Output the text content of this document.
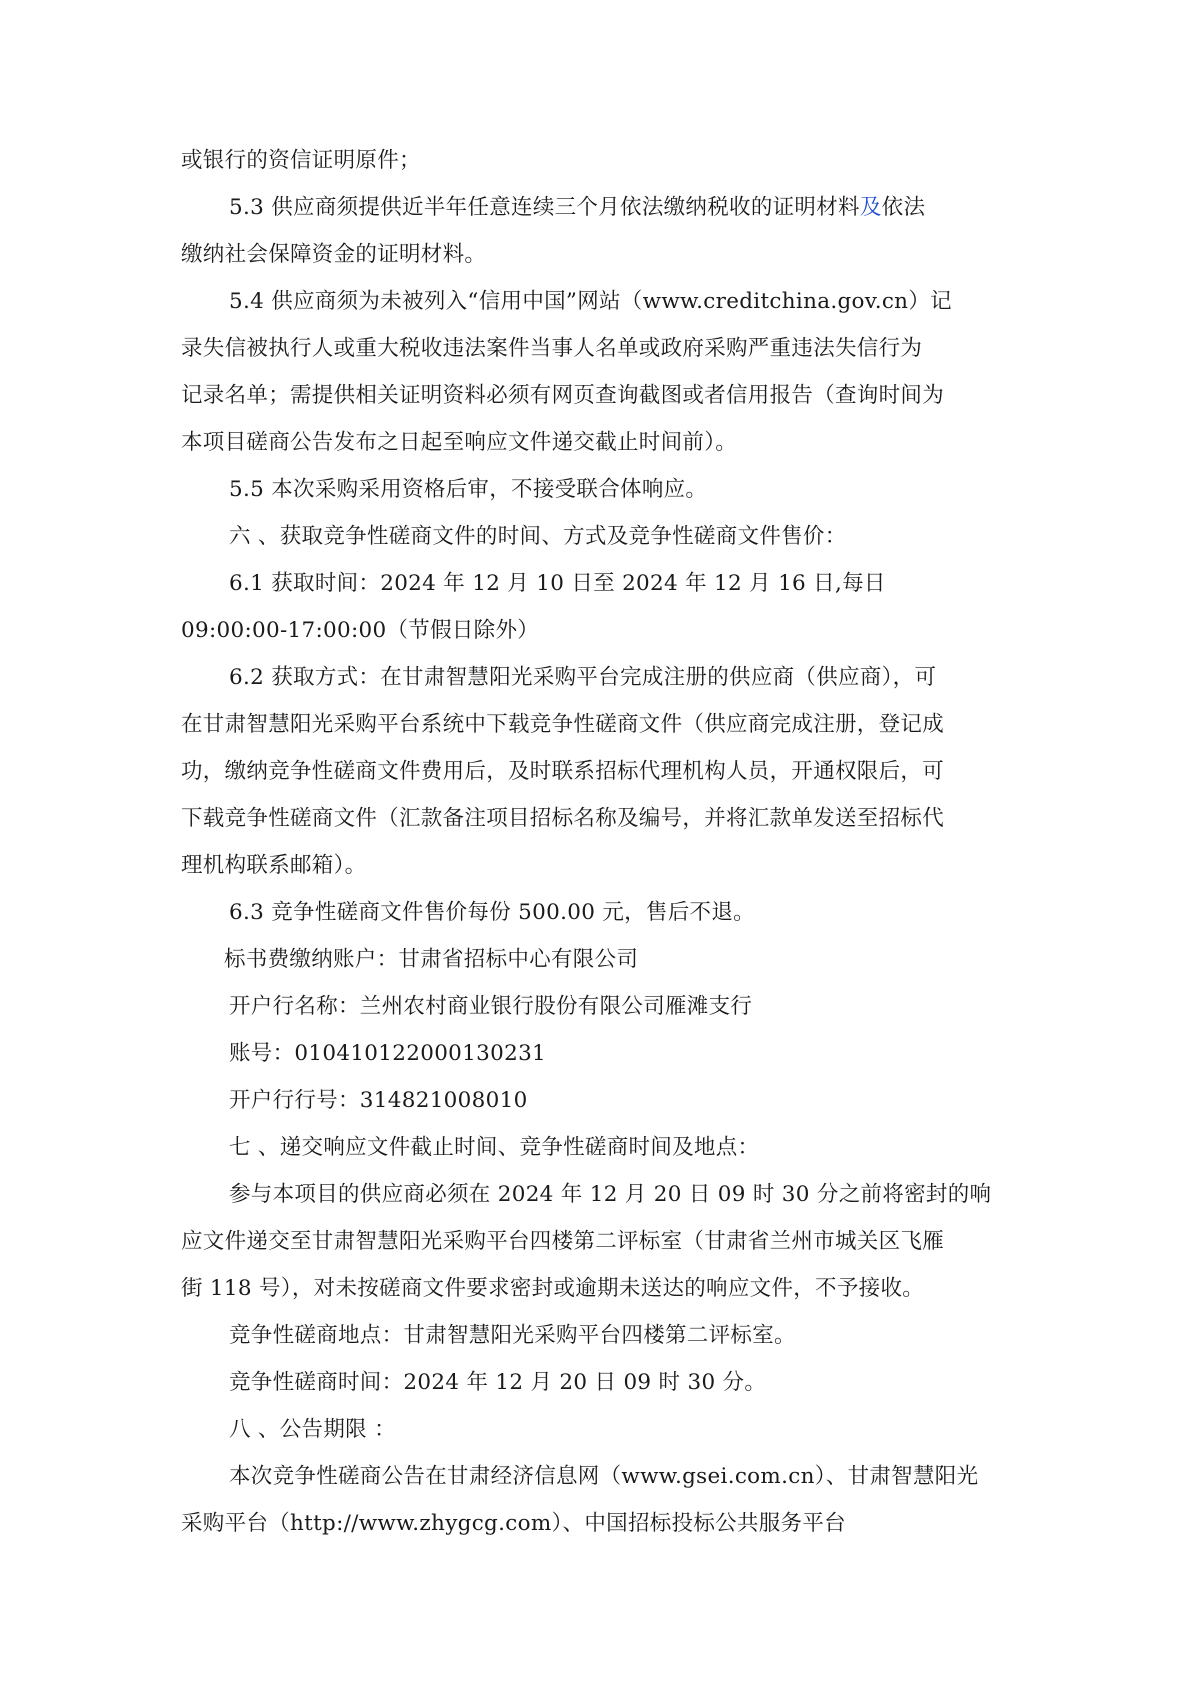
或银行的资信证明原件；
5.3 供应商须提供近半年任意连续三个月依法缴纳税收的证明材料及依法
缴纳社会保障资金的证明材料。
5.4 供应商须为未被列入“信用中国”网站（www.creditchina.gov.cn）记
录失信被执行人或重大税收违法案件当事人名单或政府采购严重违法失信行为
记录名单；需提供相关证明资料必须有网页查询截图或者信用报告（查询时间为
本项目磋商公告发布之日起至响应文件递交截止时间前）。
5.5 本次采购采用资格后审，不接受联合体响应。
六 、获取竞争性磋商文件的时间、方式及竞争性磋商文件售价：
6.1 获取时间：2024 年 12 月 10 日至 2024 年 12 月 16 日,每日
09:00:00-17:00:00（节假日除外）
6.2 获取方式：在甘肃智慧阳光采购平台完成注册的供应商（供应商），可
在甘肃智慧阳光采购平台系统中下载竞争性磋商文件（供应商完成注册，登记成
功，缴纳竞争性磋商文件费用后，及时联系招标代理机构人员，开通权限后，可
下载竞争性磋商文件（汇款备注项目招标名称及编号，并将汇款单发送至招标代
理机构联系邮箱）。
6.3 竞争性磋商文件售价每份 500.00 元，售后不退。
标书费缴纳账户：甘肃省招标中心有限公司
开户行名称：兰州农村商业银行股份有限公司雁滩支行
账号：010410122000130231
开户行行号：314821008010
七 、递交响应文件截止时间、竞争性磋商时间及地点：
参与本项目的供应商必须在 2024 年 12 月 20 日 09 时 30 分之前将密封的响
应文件递交至甘肃智慧阳光采购平台四楼第二评标室（甘肃省兰州市城关区飞雁
街 118 号），对未按磋商文件要求密封或逾期未送达的响应文件，不予接收。
竞争性磋商地点：甘肃智慧阳光采购平台四楼第二评标室。
竞争性磋商时间：2024 年 12 月 20 日 09 时 30 分。
八 、公告期限 ：
本次竞争性磋商公告在甘肃经济信息网（www.gsei.com.cn）、甘肃智慧阳光
采购平台（http://www.zhygcg.com）、中国招标投标公共服务平台
